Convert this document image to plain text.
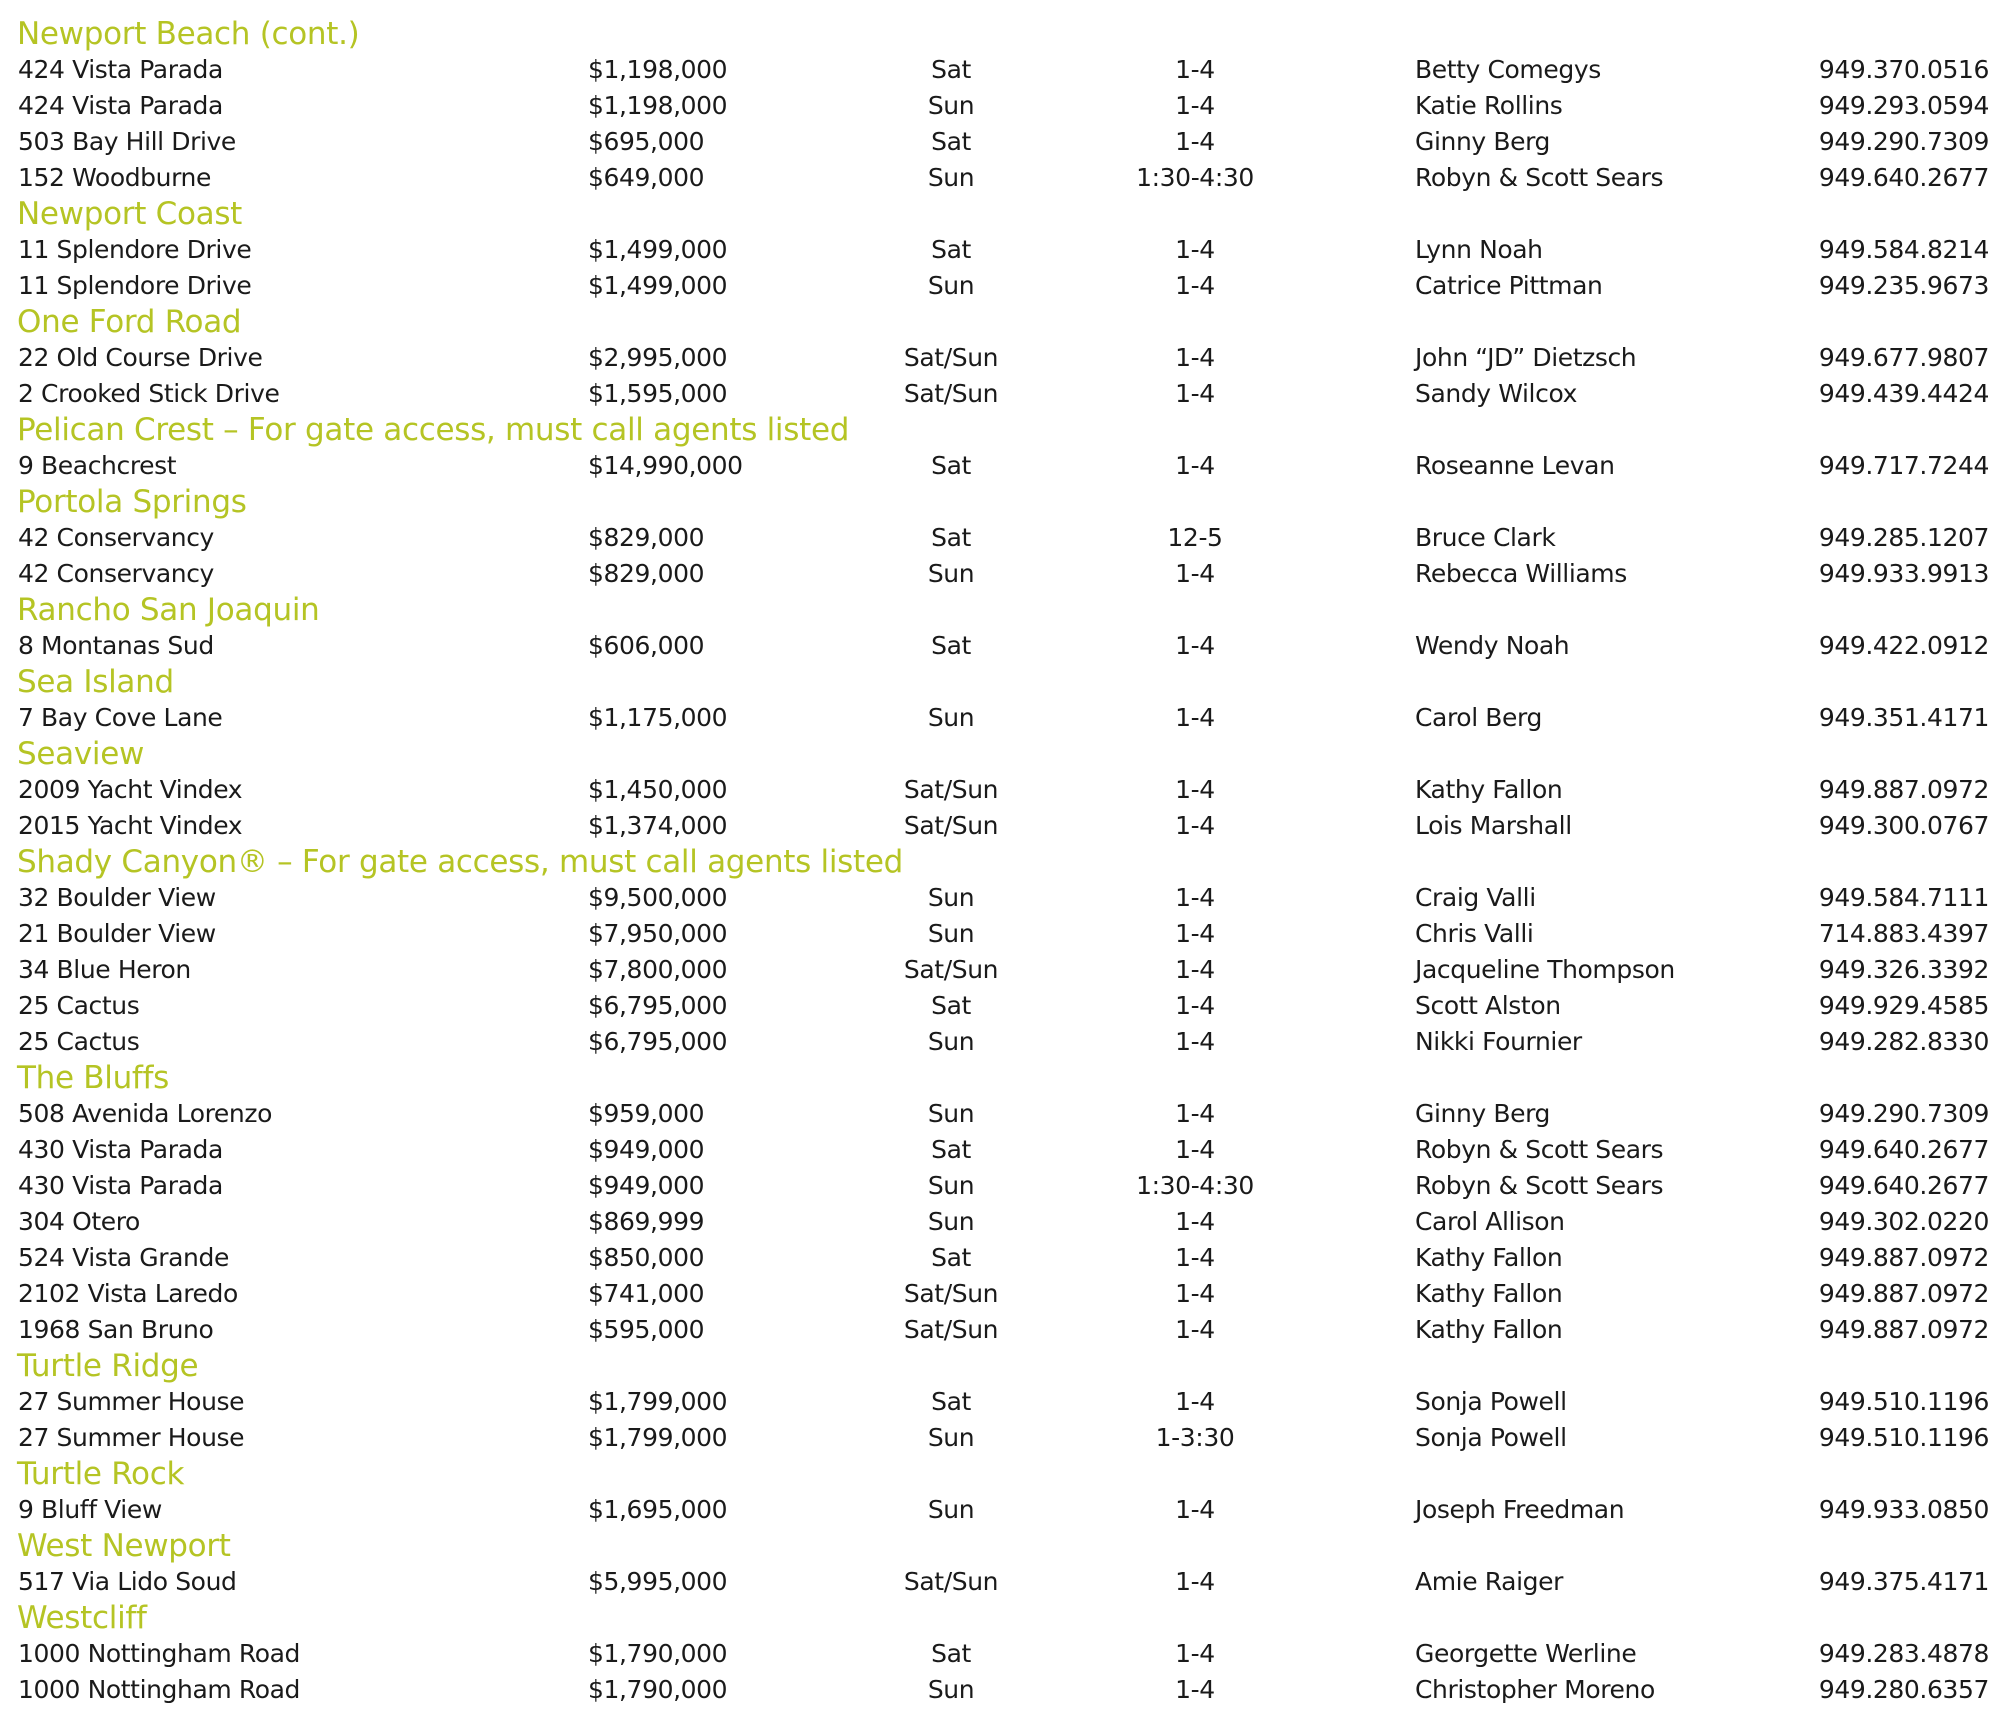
Newport Beach (cont.)
424 Vista Parada	$1,198,000	Sat	1-4	Betty Comegys	949.370.0516
424 Vista Parada	$1,198,000	Sun	1-4	Katie Rollins	949.293.0594
503 Bay Hill Drive	$695,000	Sat	1-4	Ginny Berg	949.290.7309
152 Woodburne	$649,000	Sun	1:30-4:30	Robyn & Scott Sears	949.640.2677
Newport Coast
11 Splendore Drive	$1,499,000	Sat	1-4	Lynn Noah	949.584.8214
11 Splendore Drive	$1,499,000	Sun	1-4	Catrice Pittman	949.235.9673
One Ford Road
22 Old Course Drive	$2,995,000	Sat/Sun	1-4	John “JD” Dietzsch	949.677.9807
2 Crooked Stick Drive	$1,595,000	Sat/Sun	1-4	Sandy Wilcox	949.439.4424
Pelican Crest – For gate access, must call agents listed
9 Beachcrest	$14,990,000	Sat	1-4	Roseanne Levan	949.717.7244
Portola Springs
42 Conservancy	$829,000	Sat	12-5	Bruce Clark	949.285.1207
42 Conservancy	$829,000	Sun	1-4	Rebecca Williams	949.933.9913
Rancho San Joaquin
8 Montanas Sud	$606,000	Sat	1-4	Wendy Noah	949.422.0912
Sea Island
7 Bay Cove Lane	$1,175,000	Sun	1-4	Carol Berg	949.351.4171
Seaview
2009 Yacht Vindex	$1,450,000	Sat/Sun	1-4	Kathy Fallon	949.887.0972
2015 Yacht Vindex	$1,374,000	Sat/Sun	1-4	Lois Marshall	949.300.0767
Shady Canyon® – For gate access, must call agents listed
32 Boulder View	$9,500,000	Sun	1-4	Craig Valli	949.584.7111
21 Boulder View	$7,950,000	Sun	1-4	Chris Valli	714.883.4397
34 Blue Heron	$7,800,000	Sat/Sun	1-4	Jacqueline Thompson	949.326.3392
25 Cactus	$6,795,000	Sat	1-4	Scott Alston	949.929.4585
25 Cactus	$6,795,000	Sun	1-4	Nikki Fournier	949.282.8330
The Bluffs
508 Avenida Lorenzo	$959,000	Sun	1-4	Ginny Berg	949.290.7309
430 Vista Parada	$949,000	Sat	1-4	Robyn & Scott Sears	949.640.2677
430 Vista Parada	$949,000	Sun	1:30-4:30	Robyn & Scott Sears	949.640.2677
304 Otero	$869,999	Sun	1-4	Carol Allison	949.302.0220
524 Vista Grande	$850,000	Sat	1-4	Kathy Fallon	949.887.0972
2102 Vista Laredo	$741,000	Sat/Sun	1-4	Kathy Fallon	949.887.0972
1968 San Bruno	$595,000	Sat/Sun	1-4	Kathy Fallon	949.887.0972
Turtle Ridge
27 Summer House	$1,799,000	Sat	1-4	Sonja Powell	949.510.1196
27 Summer House	$1,799,000	Sun	1-3:30	Sonja Powell	949.510.1196
Turtle Rock
9 Bluff View	$1,695,000	Sun	1-4	Joseph Freedman	949.933.0850
West Newport
517 Via Lido Soud	$5,995,000	Sat/Sun	1-4	Amie Raiger	949.375.4171
Westcliff
1000 Nottingham Road	$1,790,000	Sat	1-4	Georgette Werline	949.283.4878
1000 Nottingham Road	$1,790,000	Sun	1-4	Christopher Moreno	949.280.6357
